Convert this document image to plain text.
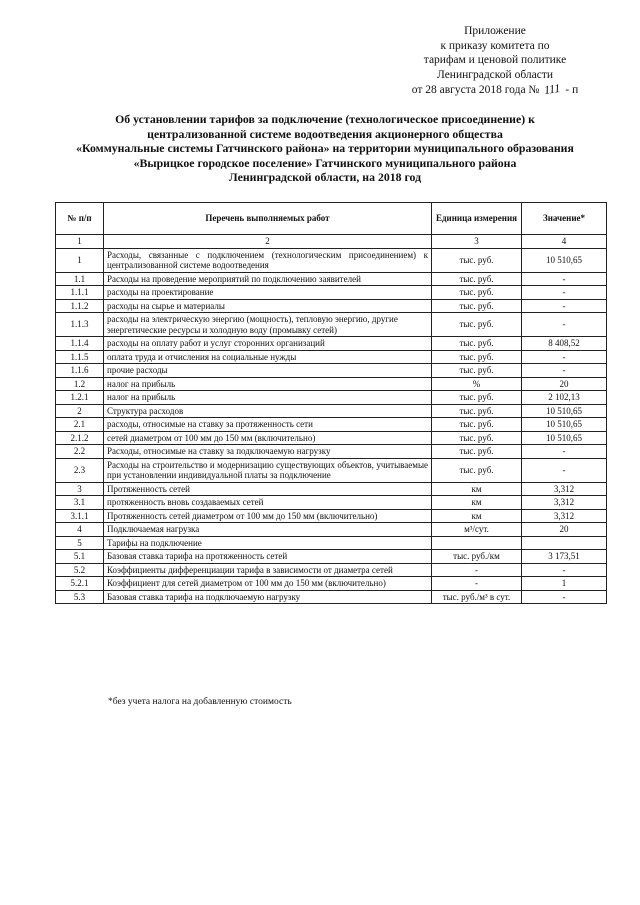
Приложение
к приказу комитета по
тарифам и ценовой политике
Ленинградской области
от 28 августа 2018 года № 111 - п
Об установлении тарифов за подключение (технологическое присоединение) к
централизованной системе водоотведения акционерного общества
«Коммунальные системы Гатчинского района» на территории муниципального образования
«Вырицкое городское поселение» Гатчинского муниципального района
Ленинградской области, на 2018 год
№ п/п	Перечень выполняемых работ	Единица измерения	Значение*
1	2	3	4
1	Расходы, связанные с подключением (технологическим присоединением) к централизованной системе водоотведения	тыс. руб.	10 510,65
1.1	Расходы на проведение мероприятий по подключению заявителей	тыс. руб.	-
1.1.1	расходы на проектирование	тыс. руб.	-
1.1.2	расходы на сырье и материалы	тыс. руб.	-
1.1.3	расходы на электрическую энергию (мощность), тепловую энергию, другие энергетические ресурсы и холодную воду (промывку сетей)	тыс. руб.	-
1.1.4	расходы на оплату работ и услуг сторонних организаций	тыс. руб.	8 408,52
1.1.5	оплата труда и отчисления на социальные нужды	тыс. руб.	-
1.1.6	прочие расходы	тыс. руб.	-
1.2	налог на прибыль	%	20
1.2.1	налог на прибыль	тыс. руб.	2 102,13
2	Структура расходов	тыс. руб.	10 510,65
2.1	расходы, относимые на ставку за протяженность сети	тыс. руб.	10 510,65
2.1.2	сетей диаметром от 100 мм до 150 мм (включительно)	тыс. руб.	10 510,65
2.2	Расходы, относимые на ставку за подключаемую нагрузку	тыс. руб.	-
2.3	Расходы на строительство и модернизацию существующих объектов, учитываемые при установлении индивидуальной платы за подключение	тыс. руб.	-
3	Протяженность сетей	км	3,312
3.1	протяженность вновь создаваемых сетей	км	3,312
3.1.1	Протяженность сетей диаметром от 100 мм до 150 мм (включительно)	км	3,312
4	Подключаемая нагрузка	м³/сут.	20
5	Тарифы на подключение		
5.1	Базовая ставка тарифа на протяженность сетей	тыс. руб./км	3 173,51
5.2	Коэффициенты дифференциации тарифа в зависимости от диаметра сетей	-	-
5.2.1	Коэффициент для сетей диаметром от 100 мм до 150 мм (включительно)	-	1
5.3	Базовая ставка тарифа на подключаемую нагрузку	тыс. руб./м³ в сут.	-
*без учета налога на добавленную стоимость
